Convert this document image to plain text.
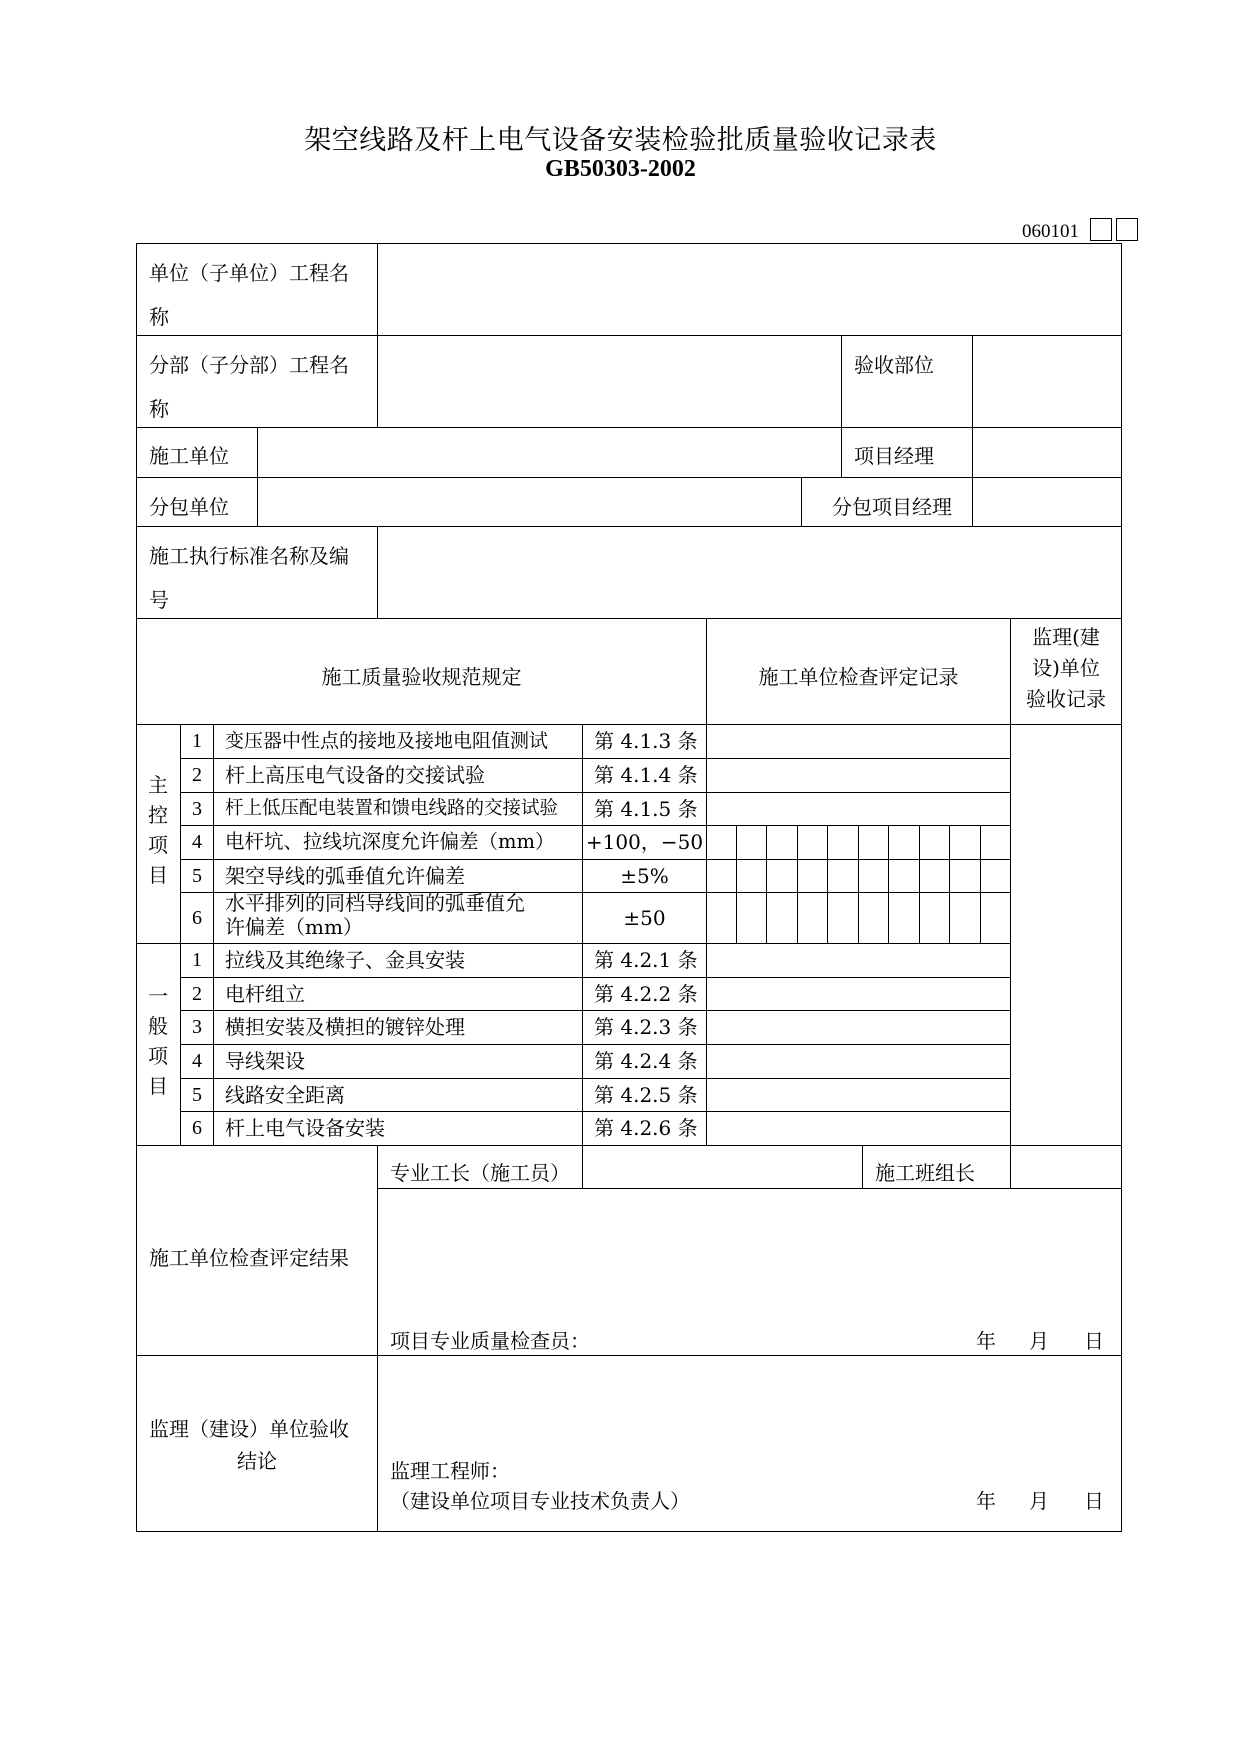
架空线路及杆上电气设备安装检验批质量验收记录表
GB50303-2002
060101
单位（子单位）工程名
称
分部（子分部）工程名
称
验收部位
施工单位	项目经理
分包单位	分包项目经理
施工执行标准名称及编
号
施工质量验收规范规定	施工单位检查评定记录
监理(建
设)单位
验收记录
主
控
项
目
1	变压器中性点的接地及接地电阻值测试 第 4.1.3 条
2	杆上高压电气设备的交接试验	第 4.1.4 条
3	杆上低压配电装置和馈电线路的交接试验 第 4.1.5 条
4	电杆坑、拉线坑深度允许偏差（mm） +100，−50
5	架空导线的弧垂值允许偏差	±5%
6
水平排列的同档导线间的弧垂值允
许偏差（mm）	±50
一
般
项
目
1	拉线及其绝缘子、金具安装	第 4.2.1 条
2	电杆组立	第 4.2.2 条
3	横担安装及横担的镀锌处理	第 4.2.3 条
4	导线架设	第 4.2.4 条
5	线路安全距离	第 4.2.5 条
6	杆上电气设备安装	第 4.2.6 条
施工单位检查评定结果
专业工长（施工员）	施工班组长
项目专业质量检查员：	年 月 日
监理（建设）单位验收
结论	监理工程师：
（建设单位项目专业技术负责人）	年 月 日
